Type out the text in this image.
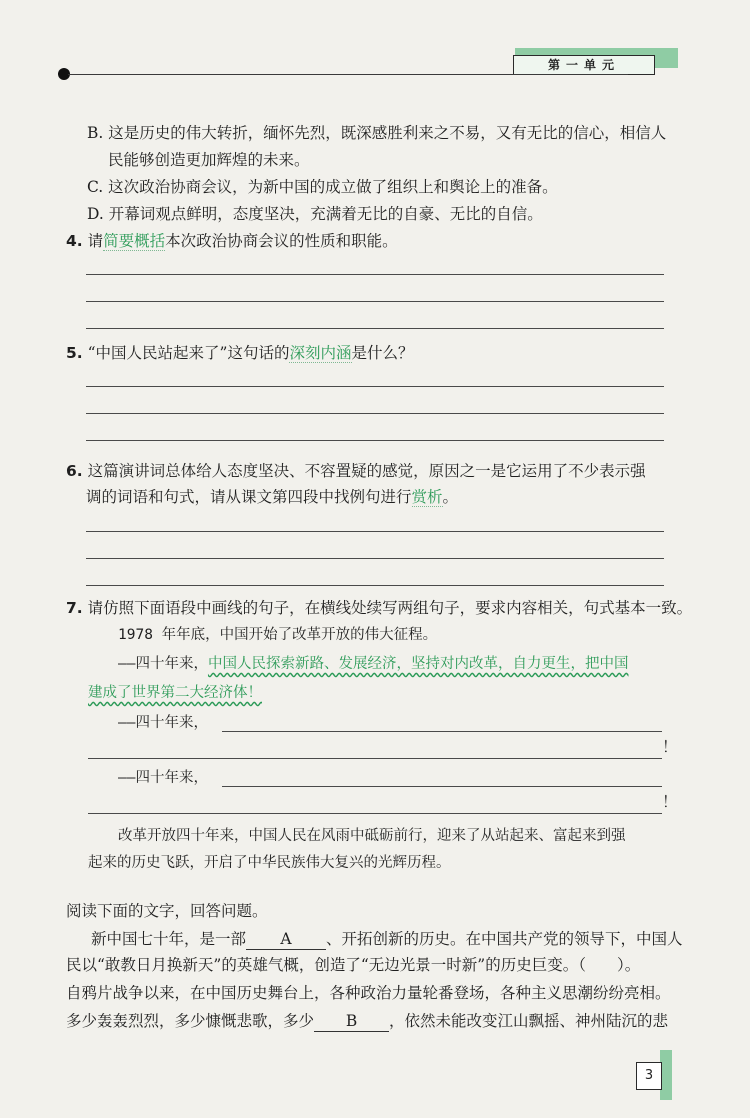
第一单元
B. 这是历史的伟大转折，缅怀先烈，既深感胜利来之不易，又有无比的信心，相信人
民能够创造更加辉煌的未来。
C. 这次政治协商会议，为新中国的成立做了组织上和舆论上的准备。
D. 开幕词观点鲜明，态度坚决，充满着无比的自豪、无比的自信。
4. 请简要概括本次政治协商会议的性质和职能。
5. “中国人民站起来了”这句话的深刻内涵是什么？
6. 这篇演讲词总体给人态度坚决、不容置疑的感觉，原因之一是它运用了不少表示强
调的词语和句式，请从课文第四段中找例句进行赏析。
7. 请仿照下面语段中画线的句子，在横线处续写两组句子，要求内容相关，句式基本一致。
1978 年年底，中国开始了改革开放的伟大征程。
——四十年来，中国人民探索新路、发展经济，坚持对内改革，自力更生，把中国
建成了世界第二大经济体！
——四十年来，
！
——四十年来，
！
改革开放四十年来，中国人民在风雨中砥砺前行，迎来了从站起来、富起来到强
起来的历史飞跃，开启了中华民族伟大复兴的光辉历程。
阅读下面的文字，回答问题。
新中国七十年，是一部 A 、开拓创新的历史。在中国共产党的领导下，中国人
民以“敢教日月换新天”的英雄气概，创造了“无边光景一时新”的历史巨变。（　　）。
自鸦片战争以来，在中国历史舞台上，各种政治力量轮番登场，各种主义思潮纷纷亮相。
多少轰轰烈烈，多少慷慨悲歌，多少 B ，依然未能改变江山飘摇、神州陆沉的悲
3
